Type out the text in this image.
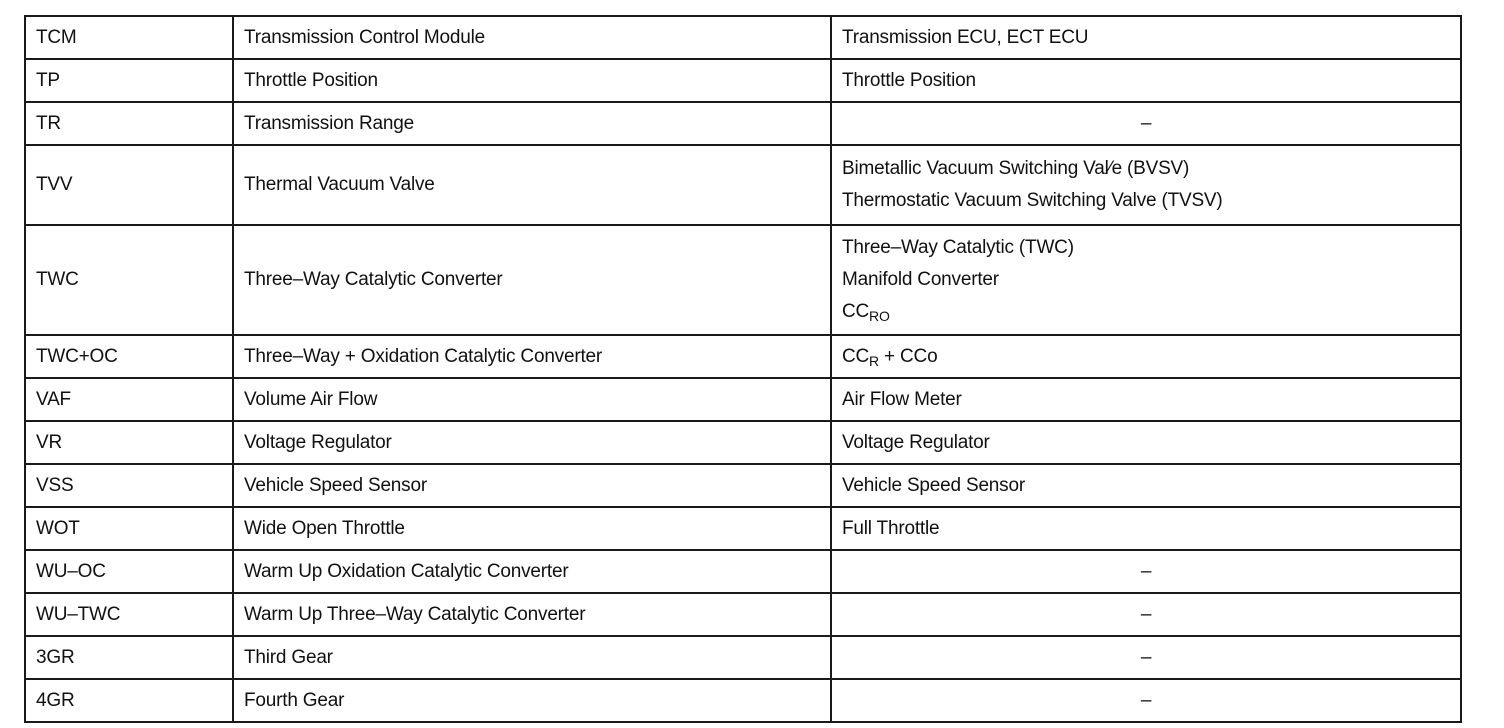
TCM	Transmission Control Module	Transmission ECU, ECT ECU
TP	Throttle Position	Throttle Position
TR	Transmission Range	–
TVV	Thermal Vacuum Valve	Bimetallic Vacuum Switching Val⁄e (BVSV)
Thermostatic Vacuum Switching Valve (TVSV)

TWC	Three–Way Catalytic Converter	Three–Way Catalytic (TWC)
Manifold Converter
$CC_{RO}$

TWC+OC	Three–Way + Oxidation Catalytic Converter	$CC_R$ + CCo
VAF	Volume Air Flow	Air Flow Meter
VR	Voltage Regulator	Voltage Regulator
VSS	Vehicle Speed Sensor	Vehicle Speed Sensor
WOT	Wide Open Throttle	Full Throttle
WU–OC	Warm Up Oxidation Catalytic Converter	–
WU–TWC	Warm Up Three–Way Catalytic Converter	–
3GR	Third Gear	–
4GR	Fourth Gear	–
